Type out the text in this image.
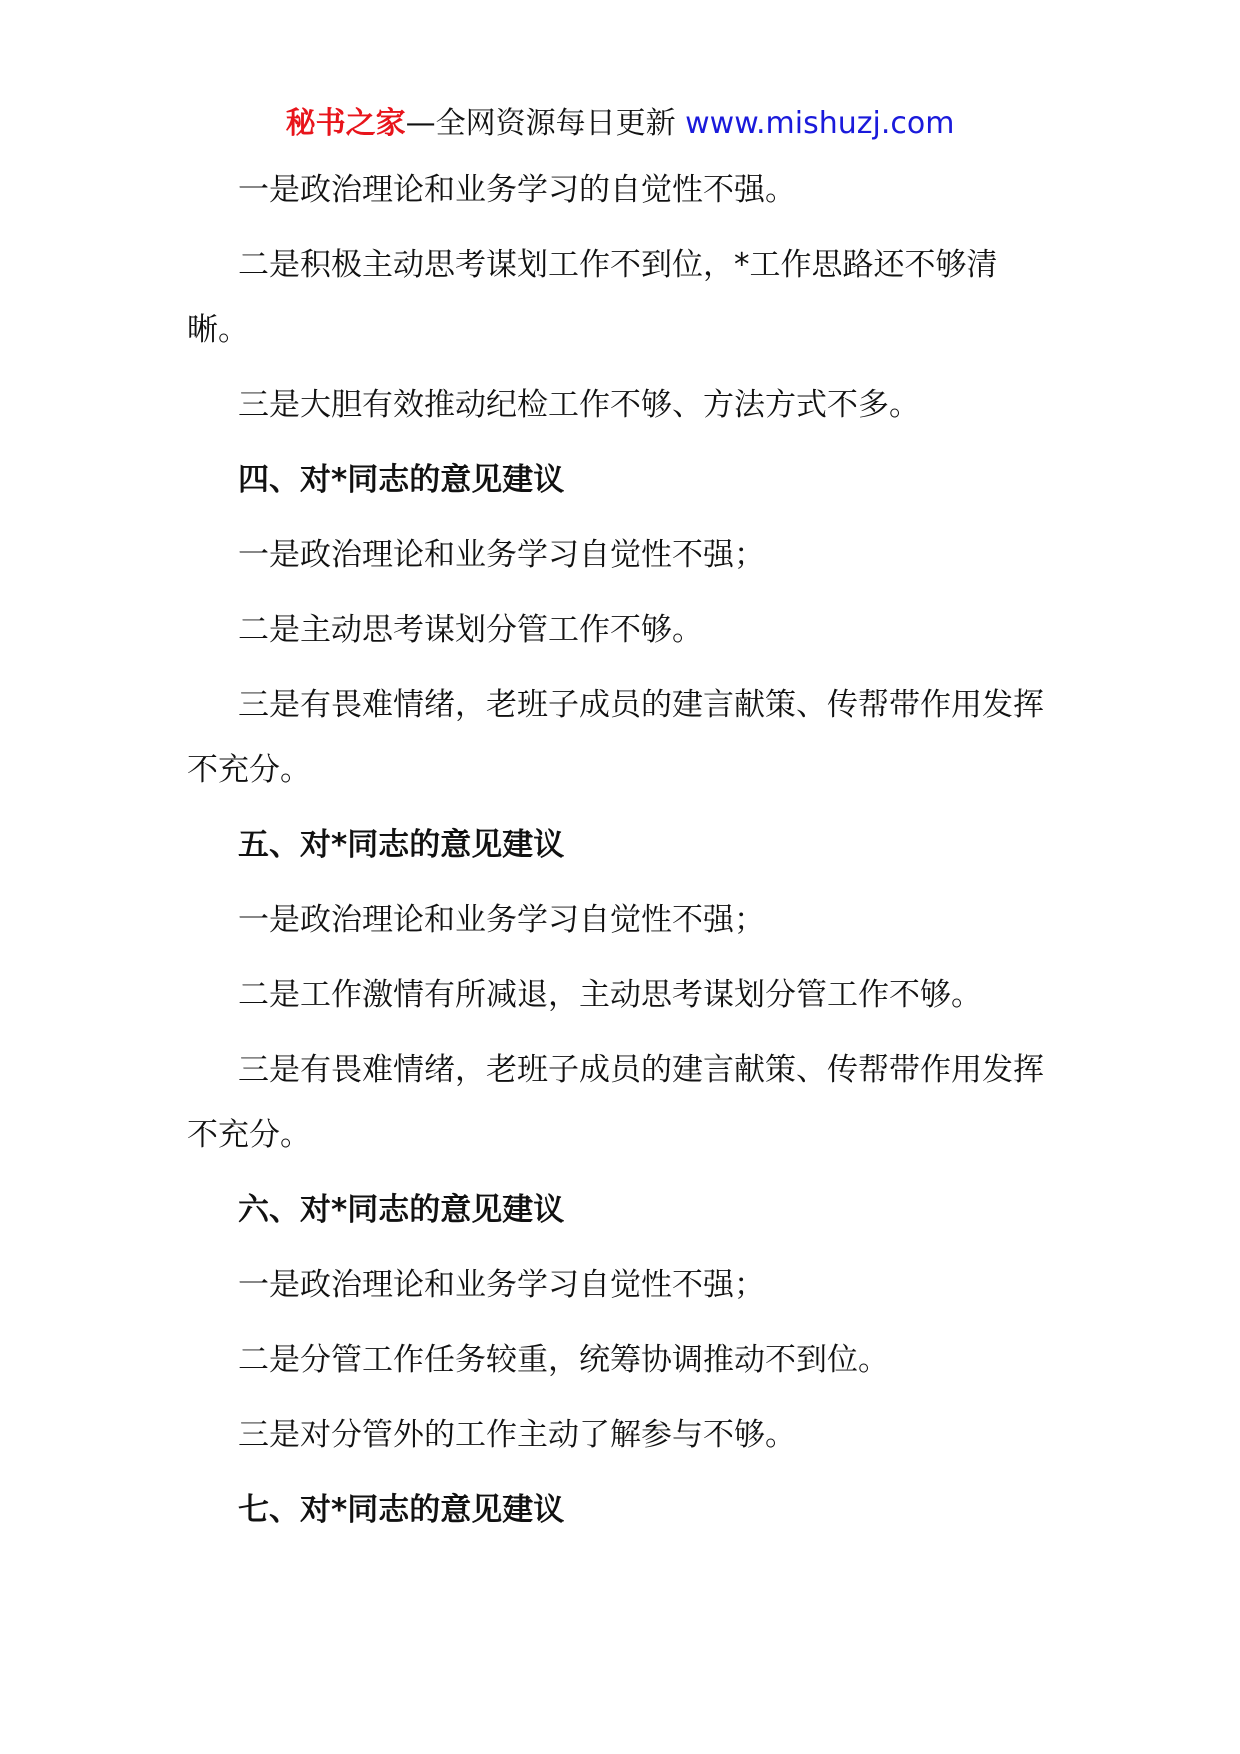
秘书之家—全网资源每日更新 www.mishuzj.com

一是政治理论和业务学习的自觉性不强。

二是积极主动思考谋划工作不到位，*工作思路还不够清晰。

三是大胆有效推动纪检工作不够、方法方式不多。

四、对*同志的意见建议

一是政治理论和业务学习自觉性不强；

二是主动思考谋划分管工作不够。

三是有畏难情绪，老班子成员的建言献策、传帮带作用发挥不充分。

五、对*同志的意见建议

一是政治理论和业务学习自觉性不强；

二是工作激情有所减退，主动思考谋划分管工作不够。

三是有畏难情绪，老班子成员的建言献策、传帮带作用发挥不充分。

六、对*同志的意见建议

一是政治理论和业务学习自觉性不强；

二是分管工作任务较重，统筹协调推动不到位。

三是对分管外的工作主动了解参与不够。

七、对*同志的意见建议
